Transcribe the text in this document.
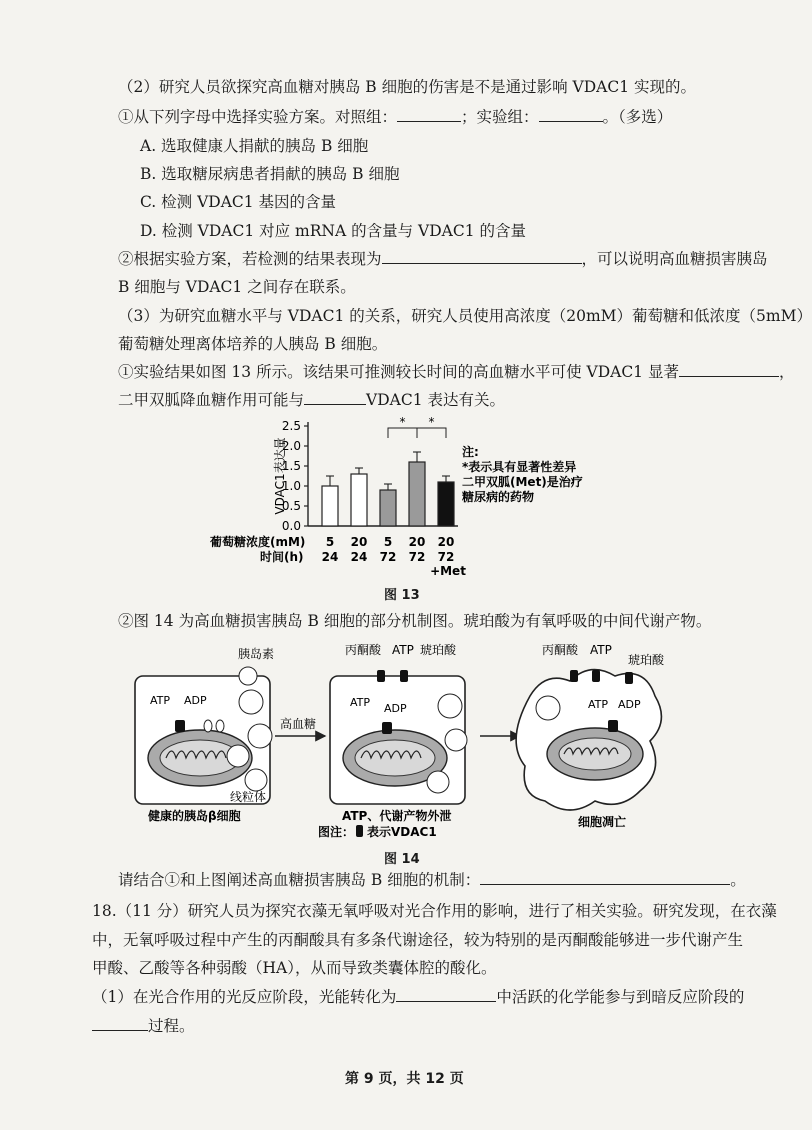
（2）研究人员欲探究高血糖对胰岛 B 细胞的伤害是不是通过影响 VDAC1 实现的。
①从下列字母中选择实验方案。对照组：	；实验组：	。（多选）
A. 选取健康人捐献的胰岛 B 细胞
B. 选取糖尿病患者捐献的胰岛 B 细胞
C. 检测 VDAC1 基因的含量
D. 检测 VDAC1 对应 mRNA 的含量与 VDAC1 的含量
②根据实验方案，若检测的结果表现为	，可以说明高血糖损害胰岛
B 细胞与 VDAC1 之间存在联系。
（3）为研究血糖水平与 VDAC1 的关系，研究人员使用高浓度（20mM）葡萄糖和低浓度（5mM）
葡萄糖处理离体培养的人胰岛 B 细胞。
①实验结果如图 13 所示。该结果可推测较长时间的高血糖水平可使 VDAC1 显著	，
二甲双胍降血糖作用可能与	VDAC1 表达有关。
2.5
2.0
1.5
1.0
0.5
0.0
VDAC1表达量
* *
葡萄糖浓度(mM)
时间(h)
5
24
20
24
5
72
20
72
20
72
+Met
注:
*表示具有显著性差异
二甲双胍(Met)是治疗
糖尿病的药物
图 13
②图 14 为高血糖损害胰岛 B 细胞的部分机制图。琥珀酸为有氧呼吸的中间代谢产物。
胰岛素
ATP ADP
线粒体
健康的胰岛β细胞
高血糖
丙酮酸 ATP 琥珀酸
ATP ADP
ATP、代谢产物外泄
丙酮酸 ATP
琥珀酸
ATP ADP
细胞凋亡
图注： 表示VDAC1
图 14
请结合①和上图阐述高血糖损害胰岛 B 细胞的机制：	。
18.（11 分）研究人员为探究衣藻无氧呼吸对光合作用的影响，进行了相关实验。研究发现，在衣藻
中，无氧呼吸过程中产生的丙酮酸具有多条代谢途径，较为特别的是丙酮酸能够进一步代谢产生
甲酸、乙酸等各种弱酸（HA），从而导致类囊体腔的酸化。
（1）在光合作用的光反应阶段，光能转化为	中活跃的化学能参与到暗反应阶段的
过程。
第 9 页，共 12 页
